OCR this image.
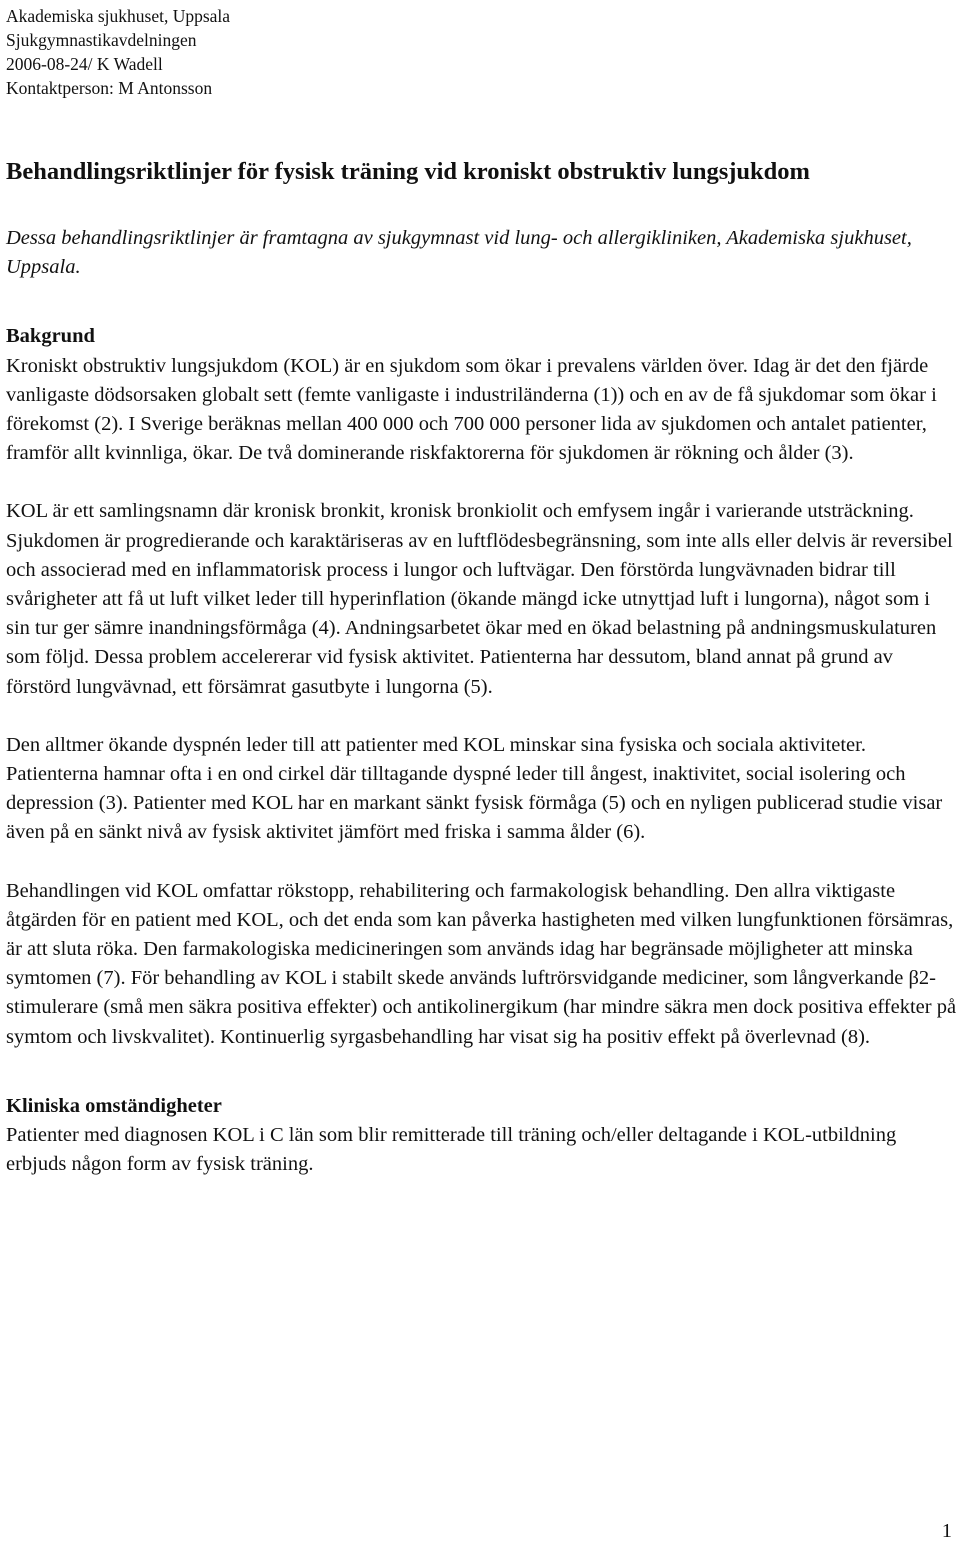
Akademiska sjukhuset, Uppsala
Sjukgymnastikavdelningen
2006-08-24/ K Wadell
Kontaktperson: M Antonsson
Behandlingsriktlinjer för fysisk träning vid kroniskt obstruktiv lungsjukdom

Dessa behandlingsriktlinjer är framtagna av sjukgymnast vid lung- och allergikliniken, Akademiska sjukhuset, Uppsala.

Bakgrund

Kroniskt obstruktiv lungsjukdom (KOL) är en sjukdom som ökar i prevalens världen över. Idag är det den fjärde vanligaste dödsorsaken globalt sett (femte vanligaste i industriländerna (1)) och en av de få sjukdomar som ökar i förekomst (2). I Sverige beräknas mellan 400 000 och 700 000 personer lida av sjukdomen och antalet patienter, framför allt kvinnliga, ökar. De två dominerande riskfaktorerna för sjukdomen är rökning och ålder (3).

KOL är ett samlingsnamn där kronisk bronkit, kronisk bronkiolit och emfysem ingår i varierande utsträckning. Sjukdomen är progredierande och karaktäriseras av en luftflödesbegränsning, som inte alls eller delvis är reversibel och associerad med en inflammatorisk process i lungor och luftvägar. Den förstörda lungvävnaden bidrar till svårigheter att få ut luft vilket leder till hyperinflation (ökande mängd icke utnyttjad luft i lungorna), något som i sin tur ger sämre inandningsförmåga (4). Andningsarbetet ökar med en ökad belastning på andningsmuskulaturen som följd. Dessa problem accelererar vid fysisk aktivitet. Patienterna har dessutom, bland annat på grund av förstörd lungvävnad, ett försämrat gasutbyte i lungorna (5).

Den alltmer ökande dyspnén leder till att patienter med KOL minskar sina fysiska och sociala aktiviteter. Patienterna hamnar ofta i en ond cirkel där tilltagande dyspné leder till ångest, inaktivitet, social isolering och depression (3). Patienter med KOL har en markant sänkt fysisk förmåga (5) och en nyligen publicerad studie visar även på en sänkt nivå av fysisk aktivitet jämfört med friska i samma ålder (6).

Behandlingen vid KOL omfattar rökstopp, rehabilitering och farmakologisk behandling. Den allra viktigaste åtgärden för en patient med KOL, och det enda som kan påverka hastigheten med vilken lungfunktionen försämras, är att sluta röka. Den farmakologiska medicineringen som används idag har begränsade möjligheter att minska symtomen (7). För behandling av KOL i stabilt skede används luftrörsvidgande mediciner, som långverkande β2-stimulerare (små men säkra positiva effekter) och antikolinergikum (har mindre säkra men dock positiva effekter på symtom och livskvalitet). Kontinuerlig syrgasbehandling har visat sig ha positiv effekt på överlevnad (8).

Kliniska omständigheter

Patienter med diagnosen KOL i C län som blir remitterade till träning och/eller deltagande i KOL-utbildning erbjuds någon form av fysisk träning.

1
